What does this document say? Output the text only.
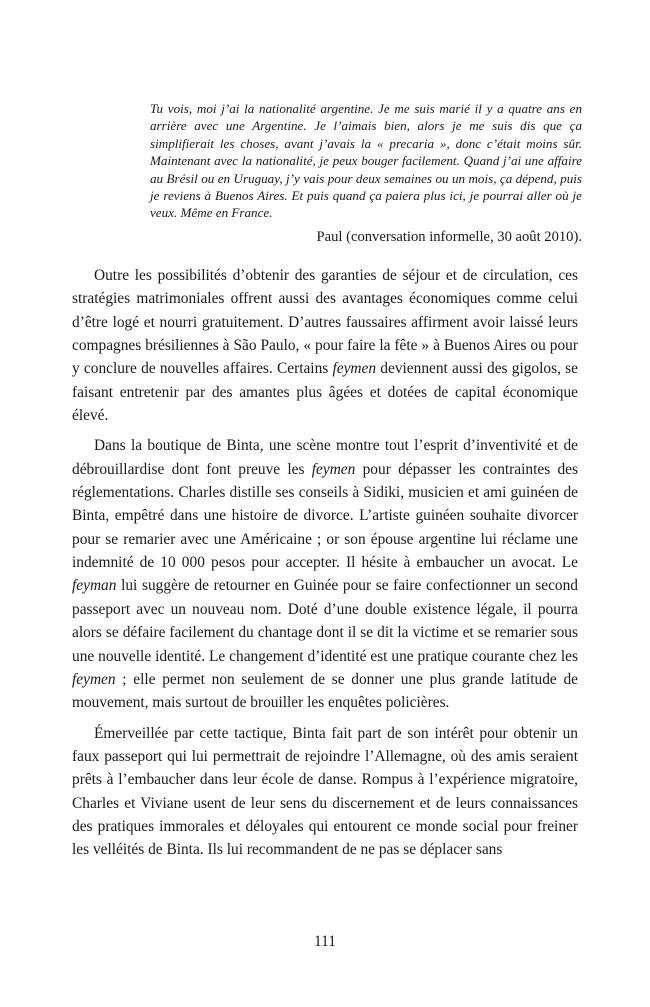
Tu vois, moi j’ai la nationalité argentine. Je me suis marié il y a quatre ans en arrière avec une Argentine. Je l’aimais bien, alors je me suis dis que ça simplifierait les choses, avant j’avais la « precaria », donc c’était moins sûr. Maintenant avec la nationalité, je peux bouger facilement. Quand j’ai une affaire au Brésil ou en Uruguay, j’y vais pour deux semaines ou un mois, ça dépend, puis je reviens à Buenos Aires. Et puis quand ça paiera plus ici, je pourrai aller où je veux. Même en France.

Paul (conversation informelle, 30 août 2010).

Outre les possibilités d’obtenir des garanties de séjour et de circulation, ces stratégies matrimoniales offrent aussi des avantages économiques comme celui d’être logé et nourri gratuitement. D’autres faussaires affirment avoir laissé leurs compagnes brésiliennes à São Paulo, « pour faire la fête » à Buenos Aires ou pour y conclure de nouvelles affaires. Certains feymen deviennent aussi des gigolos, se faisant entretenir par des amantes plus âgées et dotées de capital économique élevé.

Dans la boutique de Binta, une scène montre tout l’esprit d’inventivité et de débrouillardise dont font preuve les feymen pour dépasser les contraintes des réglementations. Charles distille ses conseils à Sidiki, musicien et ami guinéen de Binta, empêtré dans une histoire de divorce. L’artiste guinéen souhaite divorcer pour se remarier avec une Américaine ; or son épouse argentine lui réclame une indemnité de 10 000 pesos pour accepter. Il hésite à embaucher un avocat. Le feyman lui suggère de retourner en Guinée pour se faire confectionner un second passeport avec un nouveau nom. Doté d’une double existence légale, il pourra alors se défaire facilement du chantage dont il se dit la victime et se remarier sous une nouvelle identité. Le changement d’identité est une pratique courante chez les feymen ; elle permet non seulement de se donner une plus grande latitude de mouvement, mais surtout de brouiller les enquêtes policières.

Émerveillée par cette tactique, Binta fait part de son intérêt pour obtenir un faux passeport qui lui permettrait de rejoindre l’Allemagne, où des amis seraient prêts à l’embaucher dans leur école de danse. Rompus à l’expérience migratoire, Charles et Viviane usent de leur sens du discernement et de leurs connaissances des pratiques immorales et déloyales qui entourent ce monde social pour freiner les velléités de Binta. Ils lui recommandent de ne pas se déplacer sans

111
